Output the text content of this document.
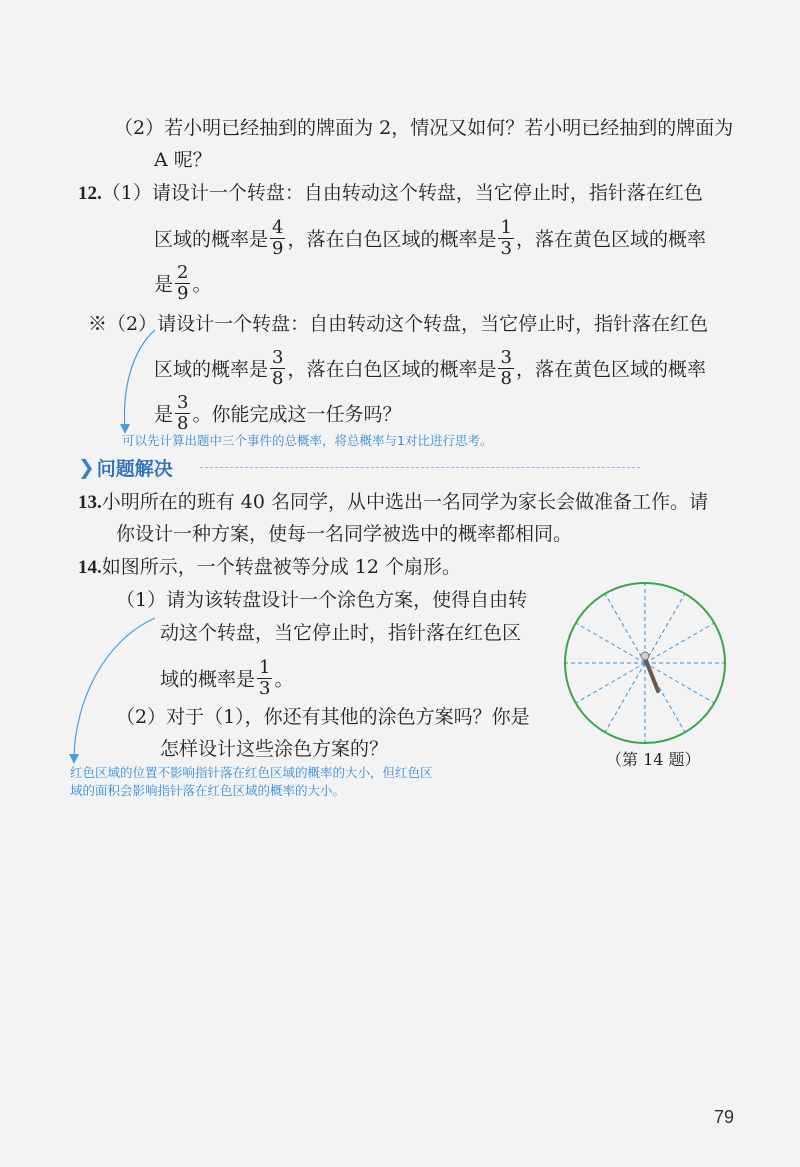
（2）若小明已经抽到的牌面为 2，情况又如何？若小明已经抽到的牌面为
A 呢？
12.（1）请设计一个转盘：自由转动这个转盘，当它停止时，指针落在红色
区域的概率是 $\frac{4}{9}$ ，落在白色区域的概率是 $\frac{1}{3}$ ，落在黄色区域的概率
是 $\frac{2}{9}$ 。
※（2）请设计一个转盘：自由转动这个转盘，当它停止时，指针落在红色
区域的概率是 $\frac{3}{8}$ ，落在白色区域的概率是 $\frac{3}{8}$ ，落在黄色区域的概率
是 $\frac{3}{8}$ 。你能完成这一任务吗？
可以先计算出题中三个事件的总概率，将总概率与1对比进行思考。
❯ 问题解决
13.小明所在的班有 40 名同学，从中选出一名同学为家长会做准备工作。请
你设计一种方案，使每一名同学被选中的概率都相同。
14.如图所示，一个转盘被等分成 12 个扇形。
（1）请为该转盘设计一个涂色方案，使得自由转
动这个转盘，当它停止时，指针落在红色区
域的概率是 $\frac{1}{3}$ 。
（2）对于（1），你还有其他的涂色方案吗？你是
怎样设计这些涂色方案的？
红色区域的位置不影响指针落在红色区域的概率的大小，但红色区
域的面积会影响指针落在红色区域的概率的大小。
（第 14 题）
79
